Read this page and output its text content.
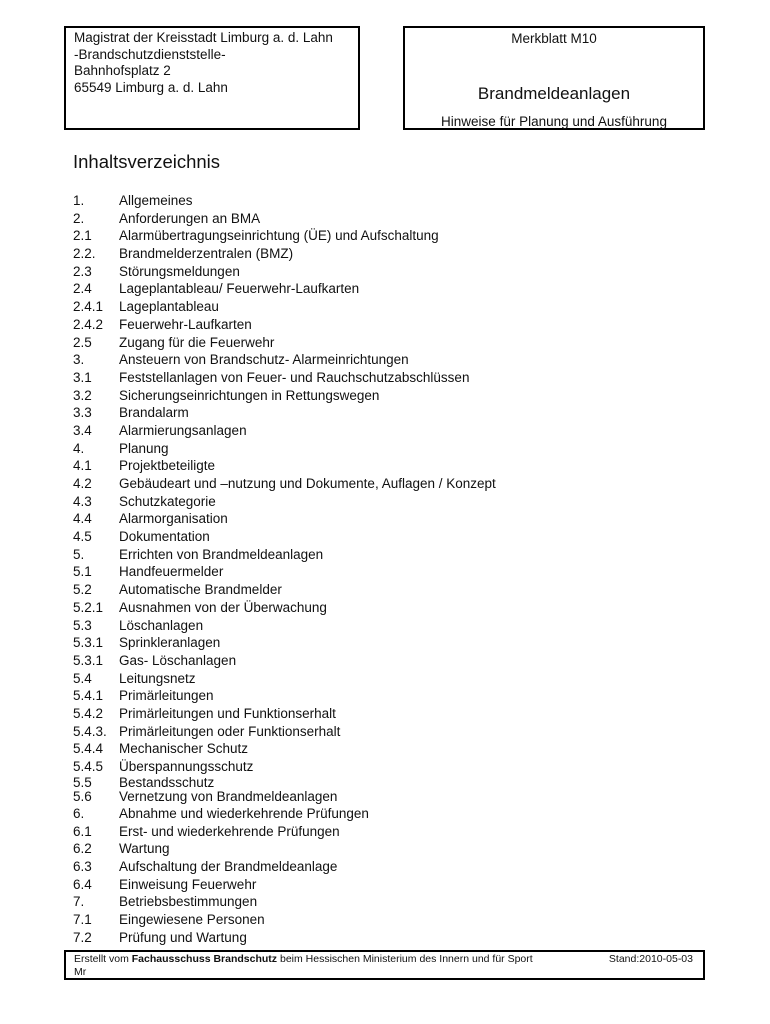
Magistrat der Kreisstadt Limburg a. d. Lahn
-Brandschutzdienststelle-
Bahnhofsplatz 2
65549 Limburg a. d. Lahn
Merkblatt M10
Brandmeldeanlagen
Hinweise für Planung und Ausführung
Inhaltsverzeichnis
1.	Allgemeines
2.	Anforderungen an BMA
2.1 Alarmübertragungseinrichtung (ÜE) und Aufschaltung
2.2. Brandmelderzentralen (BMZ)
2.3 Störungsmeldungen
2.4 Lageplantableau/ Feuerwehr-Laufkarten
2.4.1 Lageplantableau
2.4.2 Feuerwehr-Laufkarten
2.5 Zugang für die Feuerwehr
3.	Ansteuern von Brandschutz- Alarmeinrichtungen
3.1 Feststellanlagen von Feuer- und Rauchschutzabschlüssen
3.2 Sicherungseinrichtungen in Rettungswegen
3.3 Brandalarm
3.4 Alarmierungsanlagen
4.	Planung
4.1 Projektbeteiligte
4.2 Gebäudeart und –nutzung und Dokumente, Auflagen / Konzept
4.3 Schutzkategorie
4.4 Alarmorganisation
4.5 Dokumentation
5.	Errichten von Brandmeldeanlagen
5.1 Handfeuermelder
5.2 Automatische Brandmelder
5.2.1 Ausnahmen von der Überwachung
5.3 Löschanlagen
5.3.1 Sprinkleranlagen
5.3.1 Gas- Löschanlagen
5.4 Leitungsnetz
5.4.1 Primärleitungen
5.4.2 Primärleitungen und Funktionserhalt
5.4.3. Primärleitungen oder Funktionserhalt
5.4.4 Mechanischer Schutz
5.4.5 Überspannungsschutz
5.5 Bestandsschutz
5.6 Vernetzung von Brandmeldeanlagen
6.	Abnahme und wiederkehrende Prüfungen
6.1 Erst- und wiederkehrende Prüfungen
6.2 Wartung
6.3 Aufschaltung der Brandmeldeanlage
6.4 Einweisung Feuerwehr
7.	Betriebsbestimmungen
7.1 Eingewiesene Personen
7.2 Prüfung und Wartung
Erstellt vom Fachausschuss Brandschutz beim Hessischen Ministerium des Innern und für Sport
Mr
Stand:2010-05-03
